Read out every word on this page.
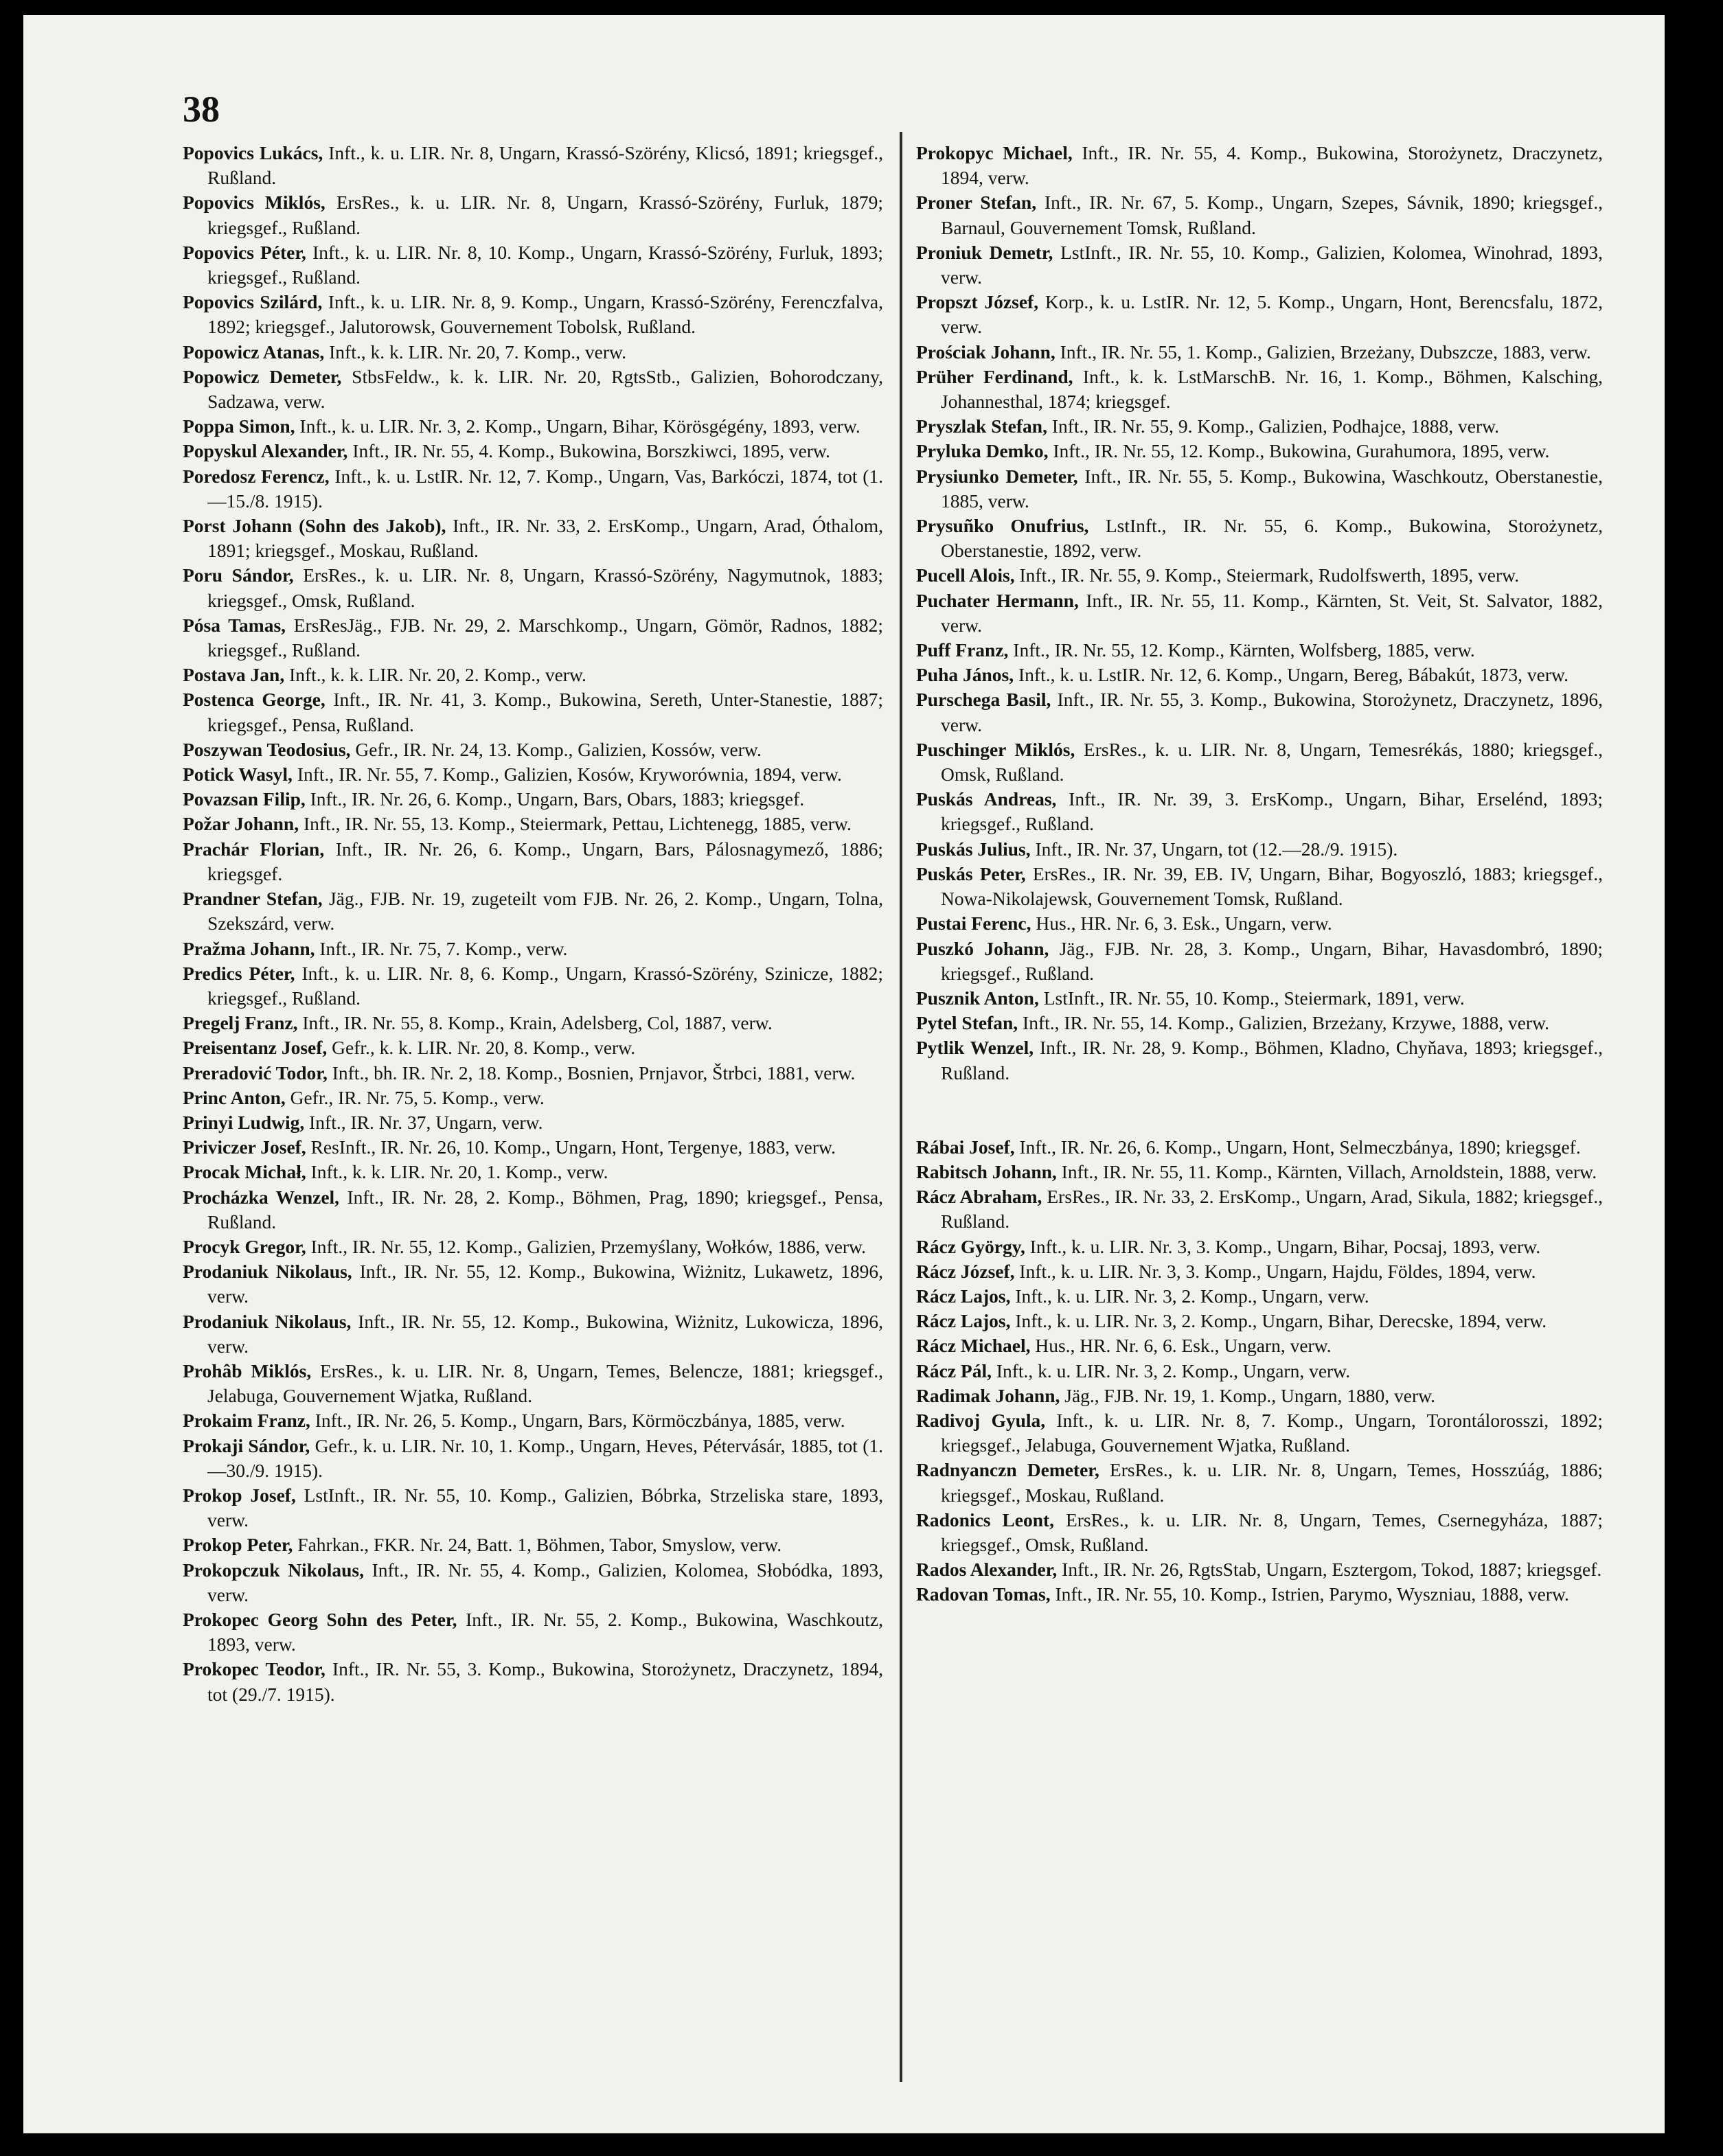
38
Popovics Lukács, Inft., k. u. LIR. Nr. 8, Ungarn, Krassó-Szörény, Klicsó, 1891; kriegsgef., Rußland.
Popovics Miklós, ErsRes., k. u. LIR. Nr. 8, Ungarn, Krassó-Szörény, Furluk, 1879; kriegsgef., Rußland.
Popovics Péter, Inft., k. u. LIR. Nr. 8, 10. Komp., Ungarn, Krassó-Szörény, Furluk, 1893; kriegsgef., Rußland.
Popovics Szilárd, Inft., k. u. LIR. Nr. 8, 9. Komp., Ungarn, Krassó-Szörény, Ferenczfalva, 1892; kriegsgef., Jalutorowsk, Gouvernement Tobolsk, Rußland.
Popowicz Atanas, Inft., k. k. LIR. Nr. 20, 7. Komp., verw.
Popowicz Demeter, StbsFeldw., k. k. LIR. Nr. 20, RgtsStb., Galizien, Bohorodczany, Sadzawa, verw.
Poppa Simon, Inft., k. u. LIR. Nr. 3, 2. Komp., Ungarn, Bihar, Körösgégény, 1893, verw.
Popyskul Alexander, Inft., IR. Nr. 55, 4. Komp., Bukowina, Borszkiwci, 1895, verw.
Poredosz Ferencz, Inft., k. u. LstIR. Nr. 12, 7. Komp., Ungarn, Vas, Barkóczi, 1874, tot (1.—15./8. 1915).
Porst Johann (Sohn des Jakob), Inft., IR. Nr. 33, 2. ErsKomp., Ungarn, Arad, Óthalom, 1891; kriegsgef., Moskau, Rußland.
Poru Sándor, ErsRes., k. u. LIR. Nr. 8, Ungarn, Krassó-Szörény, Nagymutnok, 1883; kriegsgef., Omsk, Rußland.
Pósa Tamas, ErsResJäg., FJB. Nr. 29, 2. Marschkomp., Ungarn, Gömör, Radnos, 1882; kriegsgef., Rußland.
Postava Jan, Inft., k. k. LIR. Nr. 20, 2. Komp., verw.
Postenca George, Inft., IR. Nr. 41, 3. Komp., Bukowina, Sereth, Unter-Stanestie, 1887; kriegsgef., Pensa, Rußland.
Poszywan Teodosius, Gefr., IR. Nr. 24, 13. Komp., Galizien, Kossów, verw.
Potick Wasyl, Inft., IR. Nr. 55, 7. Komp., Galizien, Kosów, Kryworównia, 1894, verw.
Povazsan Filip, Inft., IR. Nr. 26, 6. Komp., Ungarn, Bars, Obars, 1883; kriegsgef.
Požar Johann, Inft., IR. Nr. 55, 13. Komp., Steiermark, Pettau, Lichtenegg, 1885, verw.
Prachár Florian, Inft., IR. Nr. 26, 6. Komp., Ungarn, Bars, Pálosnagymező, 1886; kriegsgef.
Prandner Stefan, Jäg., FJB. Nr. 19, zugeteilt vom FJB. Nr. 26, 2. Komp., Ungarn, Tolna, Szekszárd, verw.
Pražma Johann, Inft., IR. Nr. 75, 7. Komp., verw.
Predics Péter, Inft., k. u. LIR. Nr. 8, 6. Komp., Ungarn, Krassó-Szörény, Szinicze, 1882; kriegsgef., Rußland.
Pregelj Franz, Inft., IR. Nr. 55, 8. Komp., Krain, Adelsberg, Col, 1887, verw.
Preisentanz Josef, Gefr., k. k. LIR. Nr. 20, 8. Komp., verw.
Preradović Todor, Inft., bh. IR. Nr. 2, 18. Komp., Bosnien, Prnjavor, Štrbci, 1881, verw.
Princ Anton, Gefr., IR. Nr. 75, 5. Komp., verw.
Prinyi Ludwig, Inft., IR. Nr. 37, Ungarn, verw.
Priviczer Josef, ResInft., IR. Nr. 26, 10. Komp., Ungarn, Hont, Tergenye, 1883, verw.
Procak Michał, Inft., k. k. LIR. Nr. 20, 1. Komp., verw.
Procházka Wenzel, Inft., IR. Nr. 28, 2. Komp., Böhmen, Prag, 1890; kriegsgef., Pensa, Rußland.
Procyk Gregor, Inft., IR. Nr. 55, 12. Komp., Galizien, Przemyślany, Wołków, 1886, verw.
Prodaniuk Nikolaus, Inft., IR. Nr. 55, 12. Komp., Bukowina, Wiżnitz, Lukawetz, 1896, verw.
Prodaniuk Nikolaus, Inft., IR. Nr. 55, 12. Komp., Bukowina, Wiżnitz, Lukowicza, 1896, verw.
Prohâb Miklós, ErsRes., k. u. LIR. Nr. 8, Ungarn, Temes, Belencze, 1881; kriegsgef., Jelabuga, Gouvernement Wjatka, Rußland.
Prokaim Franz, Inft., IR. Nr. 26, 5. Komp., Ungarn, Bars, Körmöczbánya, 1885, verw.
Prokaji Sándor, Gefr., k. u. LIR. Nr. 10, 1. Komp., Ungarn, Heves, Pétervásár, 1885, tot (1.—30./9. 1915).
Prokop Josef, LstInft., IR. Nr. 55, 10. Komp., Galizien, Bóbrka, Strzeliska stare, 1893, verw.
Prokop Peter, Fahrkan., FKR. Nr. 24, Batt. 1, Böhmen, Tabor, Smyslow, verw.
Prokopczuk Nikolaus, Inft., IR. Nr. 55, 4. Komp., Galizien, Kolomea, Słobódka, 1893, verw.
Prokopec Georg Sohn des Peter, Inft., IR. Nr. 55, 2. Komp., Bukowina, Waschkoutz, 1893, verw.
Prokopec Teodor, Inft., IR. Nr. 55, 3. Komp., Bukowina, Storożynetz, Draczynetz, 1894, tot (29./7. 1915).
Prokopyc Michael, Inft., IR. Nr. 55, 4. Komp., Bukowina, Storożynetz, Draczynetz, 1894, verw.
Proner Stefan, Inft., IR. Nr. 67, 5. Komp., Ungarn, Szepes, Sávnik, 1890; kriegsgef., Barnaul, Gouvernement Tomsk, Rußland.
Proniuk Demetr, LstInft., IR. Nr. 55, 10. Komp., Galizien, Kolomea, Winohrad, 1893, verw.
Propszt József, Korp., k. u. LstIR. Nr. 12, 5. Komp., Ungarn, Hont, Berencsfalu, 1872, verw.
Prościak Johann, Inft., IR. Nr. 55, 1. Komp., Galizien, Brzeżany, Dubszcze, 1883, verw.
Prüher Ferdinand, Inft., k. k. LstMarschB. Nr. 16, 1. Komp., Böhmen, Kalsching, Johannesthal, 1874; kriegsgef.
Pryszlak Stefan, Inft., IR. Nr. 55, 9. Komp., Galizien, Podhajce, 1888, verw.
Pryluka Demko, Inft., IR. Nr. 55, 12. Komp., Bukowina, Gurahumora, 1895, verw.
Prysiunko Demeter, Inft., IR. Nr. 55, 5. Komp., Bukowina, Waschkoutz, Oberstanestie, 1885, verw.
Prysuñko Onufrius, LstInft., IR. Nr. 55, 6. Komp., Bukowina, Storożynetz, Oberstanestie, 1892, verw.
Pucell Alois, Inft., IR. Nr. 55, 9. Komp., Steiermark, Rudolfswerth, 1895, verw.
Puchater Hermann, Inft., IR. Nr. 55, 11. Komp., Kärnten, St. Veit, St. Salvator, 1882, verw.
Puff Franz, Inft., IR. Nr. 55, 12. Komp., Kärnten, Wolfsberg, 1885, verw.
Puha János, Inft., k. u. LstIR. Nr. 12, 6. Komp., Ungarn, Bereg, Bábakút, 1873, verw.
Purschega Basil, Inft., IR. Nr. 55, 3. Komp., Bukowina, Storożynetz, Draczynetz, 1896, verw.
Puschinger Miklós, ErsRes., k. u. LIR. Nr. 8, Ungarn, Temesrékás, 1880; kriegsgef., Omsk, Rußland.
Puskás Andreas, Inft., IR. Nr. 39, 3. ErsKomp., Ungarn, Bihar, Erselénd, 1893; kriegsgef., Rußland.
Puskás Julius, Inft., IR. Nr. 37, Ungarn, tot (12.—28./9. 1915).
Puskás Peter, ErsRes., IR. Nr. 39, EB. IV, Ungarn, Bihar, Bogyoszló, 1883; kriegsgef., Nowa-Nikolajewsk, Gouvernement Tomsk, Rußland.
Pustai Ferenc, Hus., HR. Nr. 6, 3. Esk., Ungarn, verw.
Puszkó Johann, Jäg., FJB. Nr. 28, 3. Komp., Ungarn, Bihar, Havasdombró, 1890; kriegsgef., Rußland.
Pusznik Anton, LstInft., IR. Nr. 55, 10. Komp., Steiermark, 1891, verw.
Pytel Stefan, Inft., IR. Nr. 55, 14. Komp., Galizien, Brzeżany, Krzywe, 1888, verw.
Pytlik Wenzel, Inft., IR. Nr. 28, 9. Komp., Böhmen, Kladno, Chyňava, 1893; kriegsgef., Rußland.
Rábai Josef, Inft., IR. Nr. 26, 6. Komp., Ungarn, Hont, Selmeczbánya, 1890; kriegsgef.
Rabitsch Johann, Inft., IR. Nr. 55, 11. Komp., Kärnten, Villach, Arnoldstein, 1888, verw.
Rácz Abraham, ErsRes., IR. Nr. 33, 2. ErsKomp., Ungarn, Arad, Sikula, 1882; kriegsgef., Rußland.
Rácz György, Inft., k. u. LIR. Nr. 3, 3. Komp., Ungarn, Bihar, Pocsaj, 1893, verw.
Rácz József, Inft., k. u. LIR. Nr. 3, 3. Komp., Ungarn, Hajdu, Földes, 1894, verw.
Rácz Lajos, Inft., k. u. LIR. Nr. 3, 2. Komp., Ungarn, verw.
Rácz Lajos, Inft., k. u. LIR. Nr. 3, 2. Komp., Ungarn, Bihar, Derecske, 1894, verw.
Rácz Michael, Hus., HR. Nr. 6, 6. Esk., Ungarn, verw.
Rácz Pál, Inft., k. u. LIR. Nr. 3, 2. Komp., Ungarn, verw.
Radimak Johann, Jäg., FJB. Nr. 19, 1. Komp., Ungarn, 1880, verw.
Radivoj Gyula, Inft., k. u. LIR. Nr. 8, 7. Komp., Ungarn, Torontálorosszi, 1892; kriegsgef., Jelabuga, Gouvernement Wjatka, Rußland.
Radnyanczn Demeter, ErsRes., k. u. LIR. Nr. 8, Ungarn, Temes, Hosszúág, 1886; kriegsgef., Moskau, Rußland.
Radonics Leont, ErsRes., k. u. LIR. Nr. 8, Ungarn, Temes, Csernegyháza, 1887; kriegsgef., Omsk, Rußland.
Rados Alexander, Inft., IR. Nr. 26, RgtsStab, Ungarn, Esztergom, Tokod, 1887; kriegsgef.
Radovan Tomas, Inft., IR. Nr. 55, 10. Komp., Istrien, Parymo, Wyszniau, 1888, verw.
